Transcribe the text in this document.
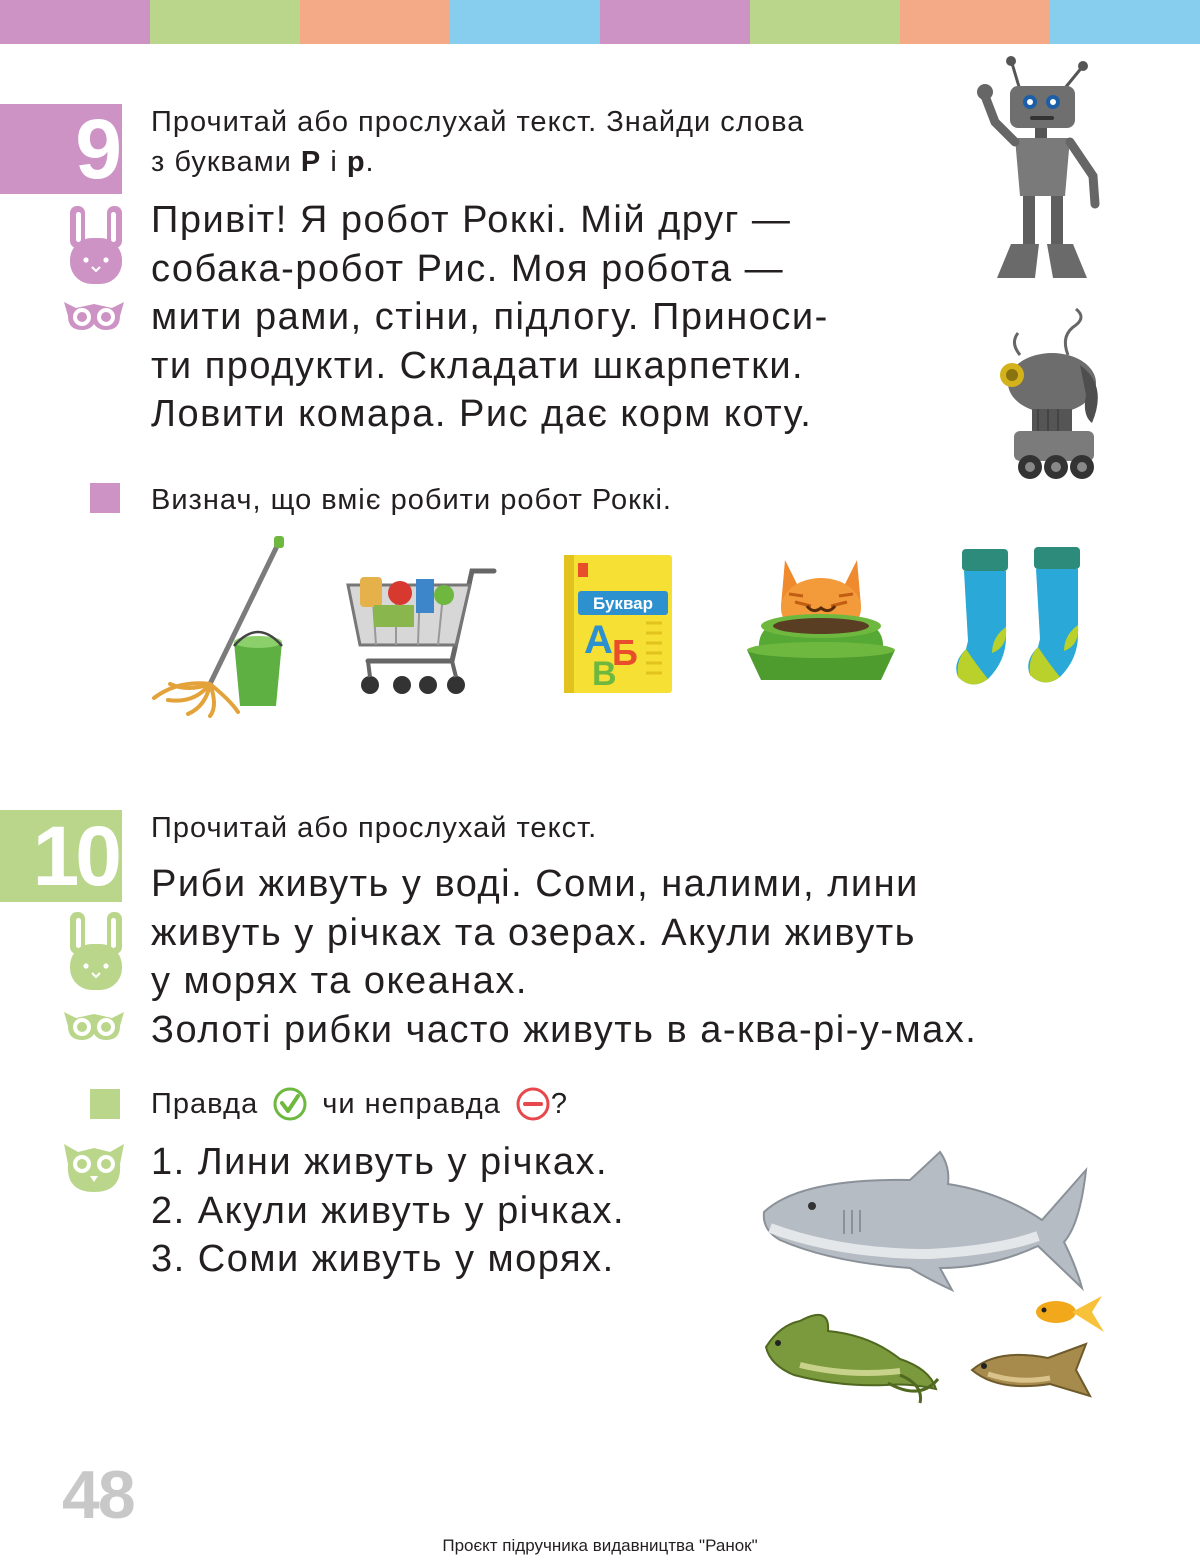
9 Прочитай або прослухай текст. Знайди слова
з буквами Р і р.
Привіт! Я робот Роккі. Мій друг —
собака-робот Рис. Моя робота —
мити рами, стіни, підлогу. Приноси-
ти продукти. Складати шкарпетки.
Ловити комара. Рис дає корм коту.
Визнач, що вміє робити робот Роккі.
Буквар
А Б
В
10 Прочитай або прослухай текст.
Риби живуть у воді. Соми, налими, лини
живуть у річках та озерах. Акули живуть
у морях та океанах.
Золоті рибки часто живуть в а-ква-рі-у-мах.
Правда чи неправда ?
1. Лини живуть у річках.
2. Акули живуть у річках.
3. Соми живуть у морях.
48
Проєкт підручника видавництва "Ранок"
